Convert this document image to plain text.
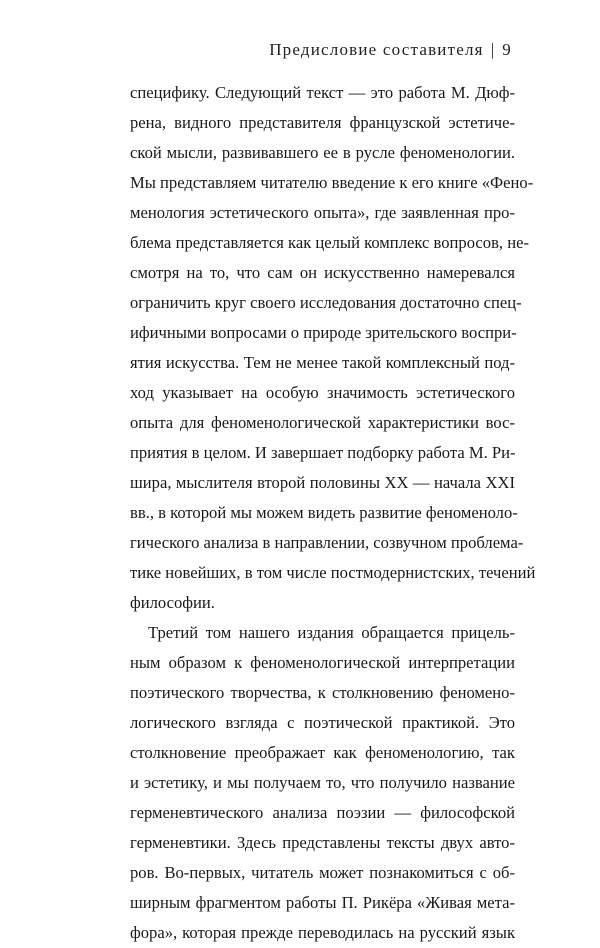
Предисловие составителя | 9
специфику. Следующий текст — это работа М. Дюф-
рена, видного представителя французской эстетиче-
ской мысли, развивавшего ее в русле феноменологии.
Мы представляем читателю введение к его книге «Фено-
менология эстетического опыта», где заявленная про-
блема представляется как целый комплекс вопросов, не-
смотря на то, что сам он искусственно намеревался
ограничить круг своего исследования достаточно спец-
ифичными вопросами о природе зрительского воспри-
ятия искусства. Тем не менее такой комплексный под-
ход указывает на особую значимость эстетического
опыта для феноменологической характеристики вос-
приятия в целом. И завершает подборку работа М. Ри-
шира, мыслителя второй половины XX — начала XXI
вв., в которой мы можем видеть развитие феноменоло-
гического анализа в направлении, созвучном проблема-
тике новейших, в том числе постмодернистских, течений
философии.
Третий том нашего издания обращается прицель-
ным образом к феноменологической интерпретации
поэтического творчества, к столкновению феномено-
логического взгляда с поэтической практикой. Это
столкновение преображает как феноменологию, так
и эстетику, и мы получаем то, что получило название
герменевтического анализа поэзии — философской
герменевтики. Здесь представлены тексты двух авто-
ров. Во-первых, читатель может познакомиться с об-
ширным фрагментом работы П. Рикёра «Живая мета-
фора», которая прежде переводилась на русский язык
